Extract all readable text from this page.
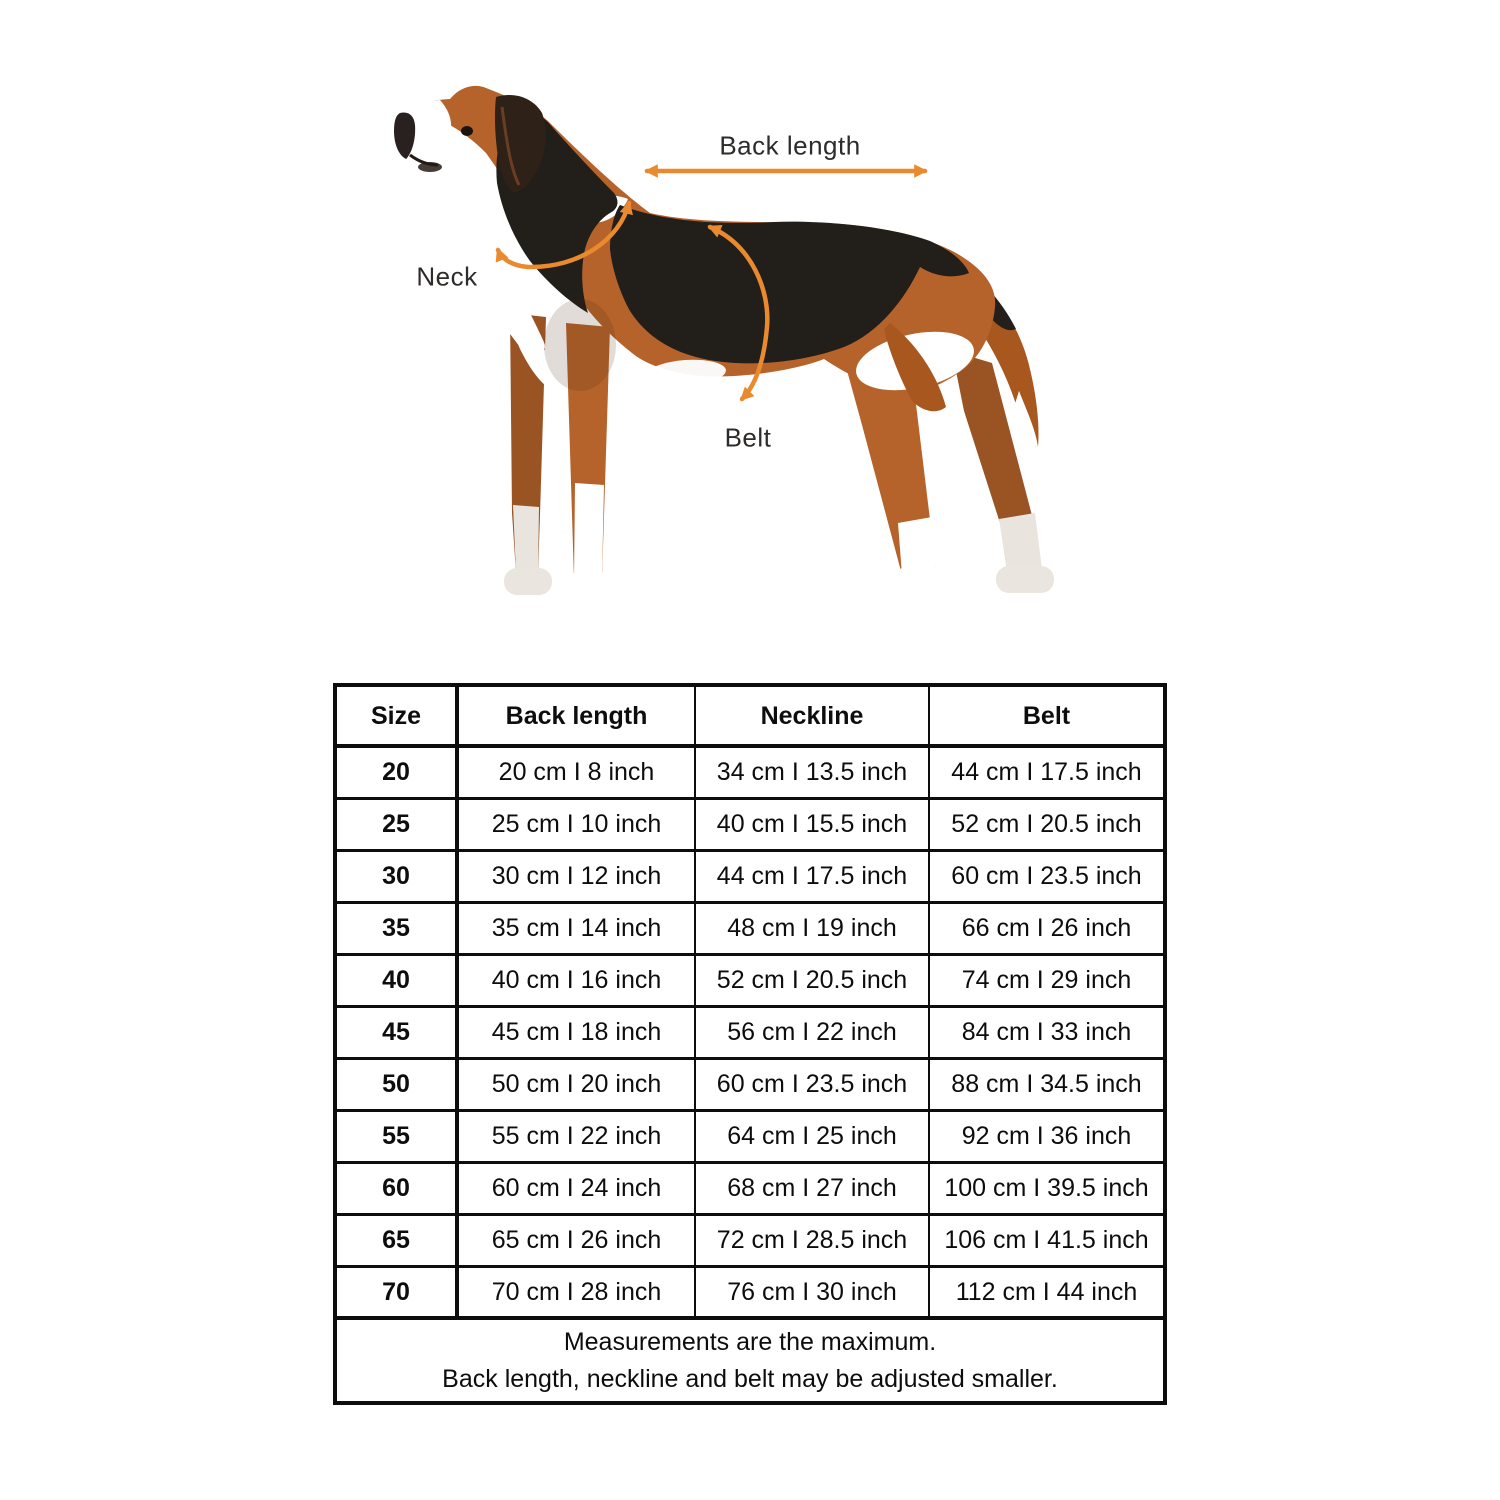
Back length
Neck
Belt
Size	Back length	Neckline	Belt
20	20 cm I 8 inch	34 cm I 13.5 inch	44 cm I 17.5 inch
25	25 cm I 10 inch	40 cm I 15.5 inch	52 cm I 20.5 inch
30	30 cm I 12 inch	44 cm I 17.5 inch	60 cm I 23.5 inch
35	35 cm I 14 inch	48 cm I 19 inch	66 cm I 26 inch
40	40 cm I 16 inch	52 cm I 20.5 inch	74 cm I 29 inch
45	45 cm I 18 inch	56 cm I 22 inch	84 cm I 33 inch
50	50 cm I 20 inch	60 cm I 23.5 inch	88 cm I 34.5 inch
55	55 cm I 22 inch	64 cm I 25 inch	92 cm I 36 inch
60	60 cm I 24 inch	68 cm I 27 inch	100 cm I 39.5 inch
65	65 cm I 26 inch	72 cm I 28.5 inch	106 cm I 41.5 inch
70	70 cm I 28 inch	76 cm I 30 inch	112 cm I 44 inch

Measurements are the maximum.
Back length, neckline and belt may be adjusted smaller.			
